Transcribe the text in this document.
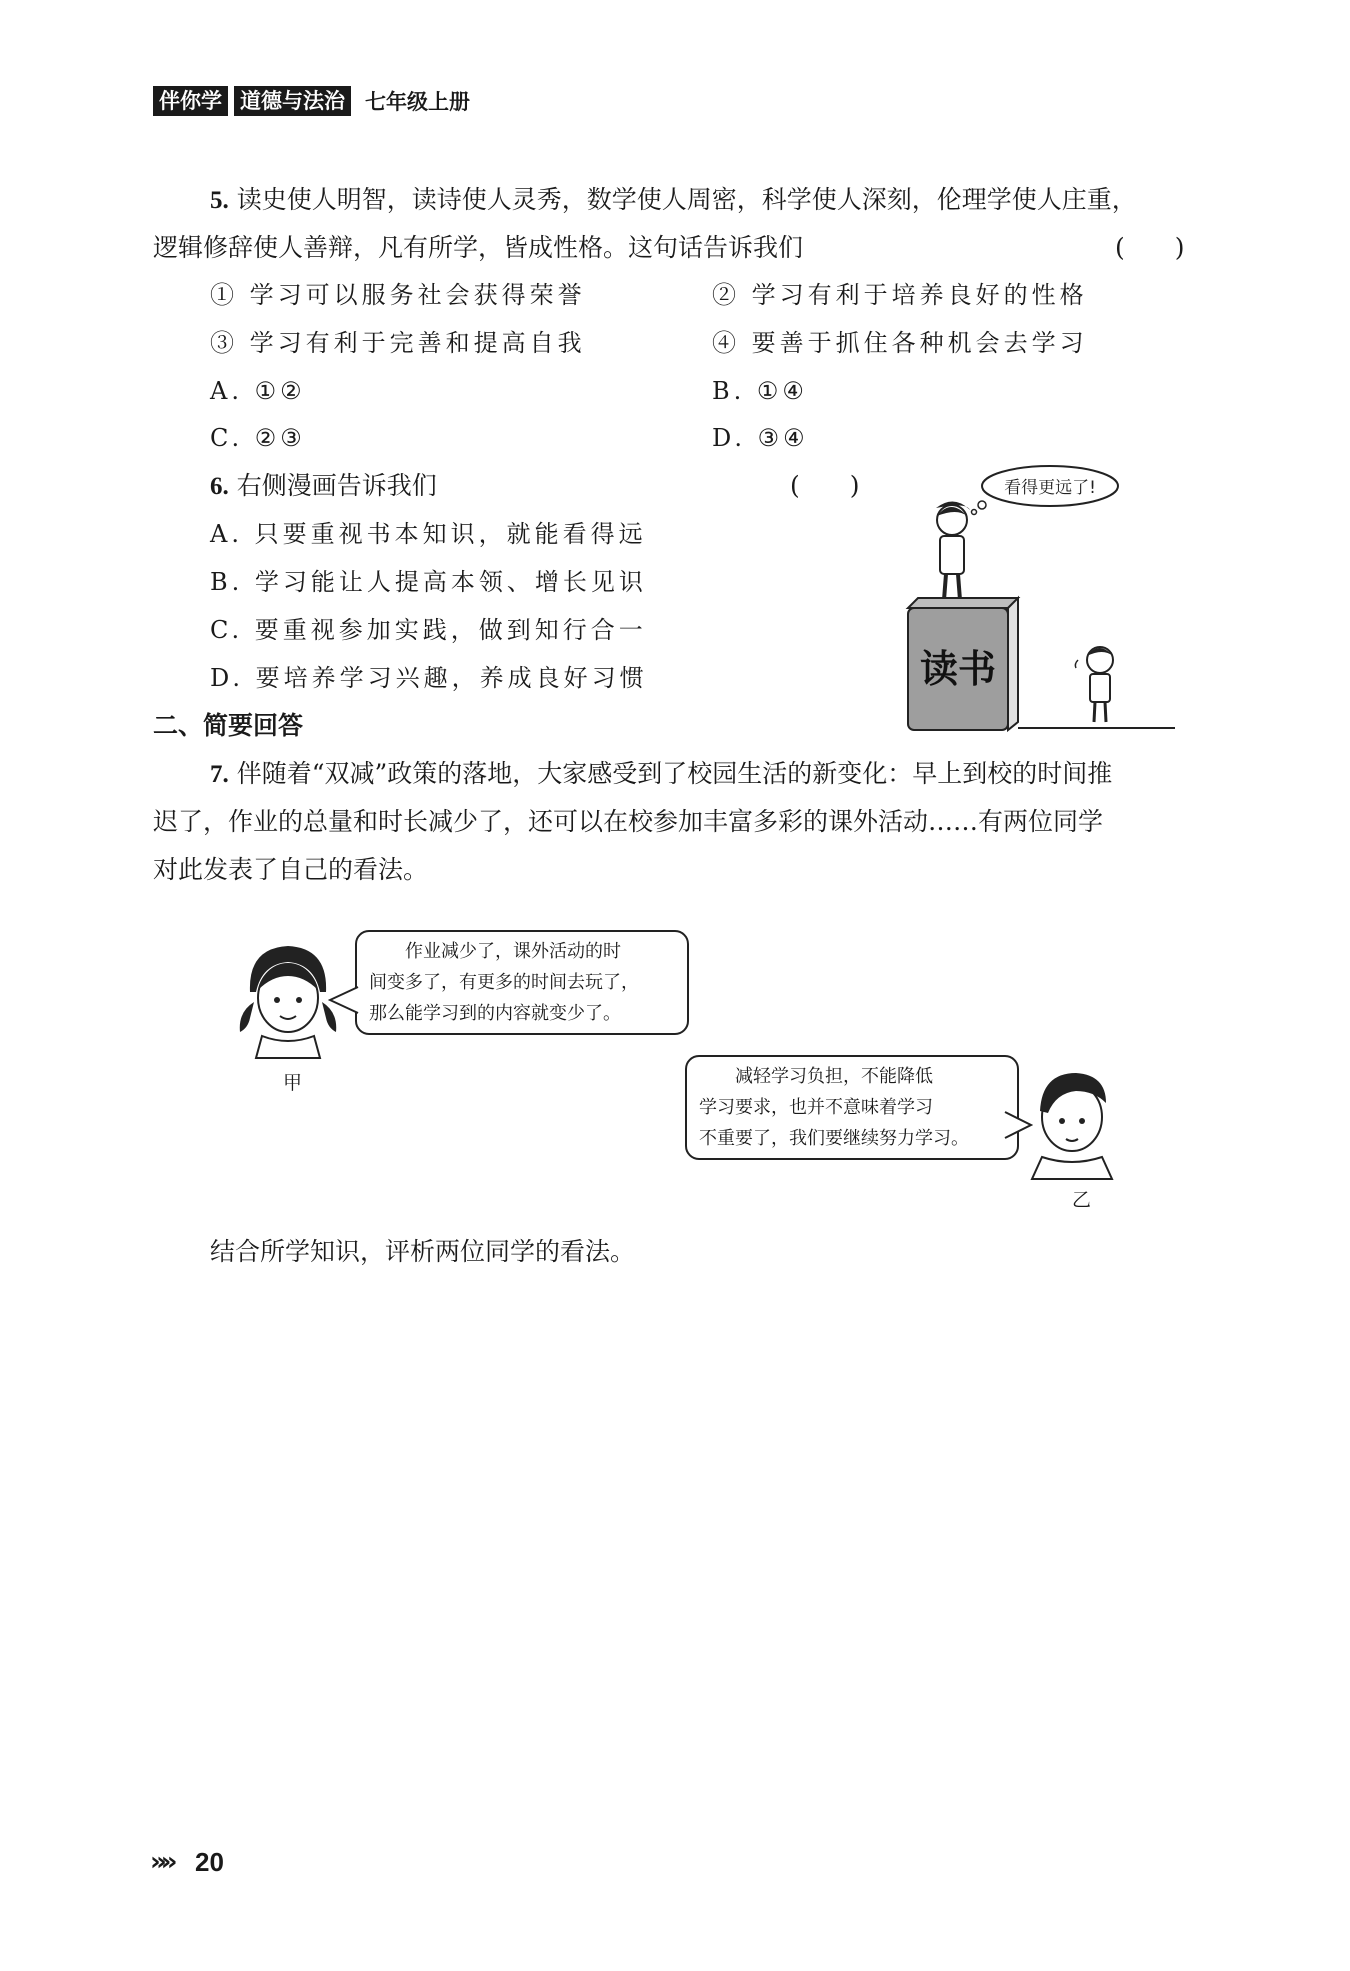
伴你学 道德与法治 七年级上册
5. 读史使人明智，读诗使人灵秀，数学使人周密，科学使人深刻，伦理学使人庄重，
逻辑修辞使人善辩，凡有所学，皆成性格。这句话告诉我们	(　　)
① 学习可以服务社会获得荣誉	② 学习有利于培养良好的性格
③ 学习有利于完善和提高自我	④ 要善于抓住各种机会去学习
A. ①②	B. ①④
C. ②③	D. ③④
6. 右侧漫画告诉我们	(　　)
A. 只要重视书本知识，就能看得远
B. 学习能让人提高本领、增长见识
C. 要重视参加实践，做到知行合一
D. 要培养学习兴趣，养成良好习惯
看得更远了!
读书
二、简要回答
7. 伴随着“双减”政策的落地，大家感受到了校园生活的新变化：早上到校的时间推
迟了，作业的总量和时长减少了，还可以在校参加丰富多彩的课外活动……有两位同学
对此发表了自己的看法。
甲
作业减少了，课外活动的时
间变多了，有更多的时间去玩了，
那么能学习到的内容就变少了。
减轻学习负担，不能降低
学习要求，也并不意味着学习
不重要了，我们要继续努力学习。
乙
结合所学知识，评析两位同学的看法。
»» 20
